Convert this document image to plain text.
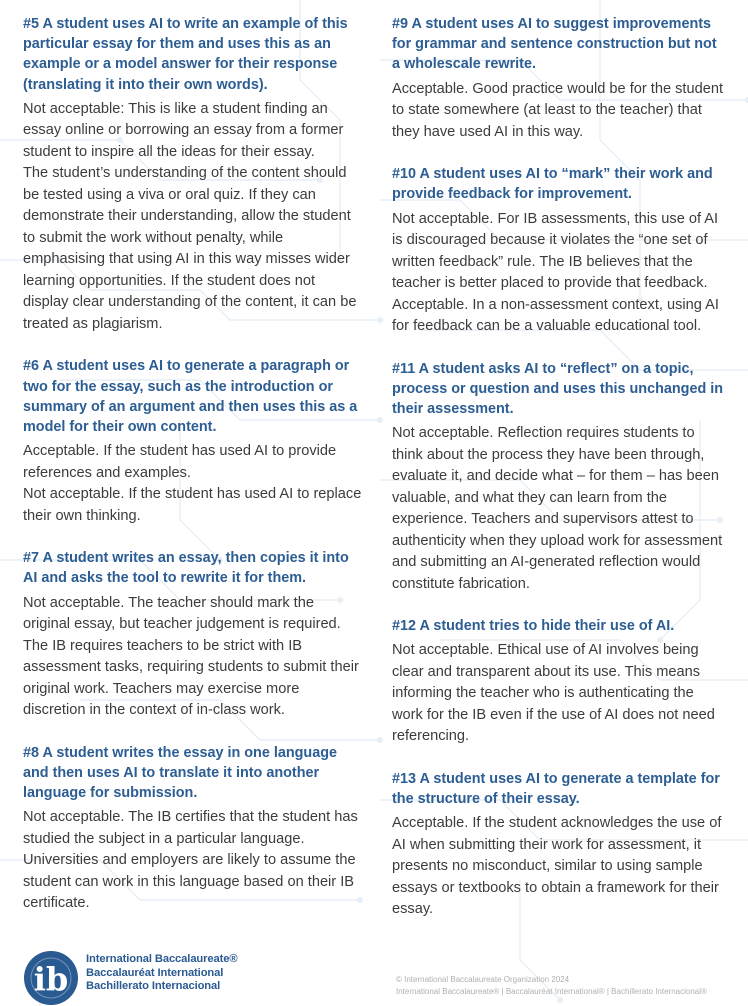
#5 A student uses AI to write an example of this particular essay for them and uses this as an example or a model answer for their response (translating it into their own words).

Not acceptable: This is like a student finding an essay online or borrowing an essay from a former student to inspire all the ideas for their essay.

The student’s understanding of the content should be tested using a viva or oral quiz. If they can demonstrate their understanding, allow the student to submit the work without penalty, while emphasising that using AI in this way misses wider learning opportunities. If the student does not display clear understanding of the content, it can be treated as plagiarism.

#6 A student uses AI to generate a paragraph or two for the essay, such as the introduction or summary of an argument and then uses this as a model for their own content.

Acceptable. If the student has used AI to provide references and examples.

Not acceptable. If the student has used AI to replace their own thinking.

#7 A student writes an essay, then copies it into AI and asks the tool to rewrite it for them.

Not acceptable. The teacher should mark the original essay, but teacher judgement is required. The IB requires teachers to be strict with IB assessment tasks, requiring students to submit their original work. Teachers may exercise more discretion in the context of in-class work.

#8 A student writes the essay in one language and then uses AI to translate it into another language for submission.

Not acceptable. The IB certifies that the student has studied the subject in a particular language. Universities and employers are likely to assume the student can work in this language based on their IB certificate.

#9 A student uses AI to suggest improvements for grammar and sentence construction but not a wholescale rewrite.

Acceptable. Good practice would be for the student to state somewhere (at least to the teacher) that they have used AI in this way.

#10 A student uses AI to “mark” their work and provide feedback for improvement.

Not acceptable. For IB assessments, this use of AI is discouraged because it violates the “one set of written feedback” rule. The IB believes that the teacher is better placed to provide that feedback.

Acceptable. In a non-assessment context, using AI for feedback can be a valuable educational tool.

#11 A student asks AI to “reflect” on a topic, process or question and uses this unchanged in their assessment.

Not acceptable. Reflection requires students to think about the process they have been through, evaluate it, and decide what – for them – has been valuable, and what they can learn from the experience. Teachers and supervisors attest to authenticity when they upload work for assessment and submitting an AI-generated reflection would constitute fabrication.

#12 A student tries to hide their use of AI.

Not acceptable. Ethical use of AI involves being clear and transparent about its use. This means informing the teacher who is authenticating the work for the IB even if the use of AI does not need referencing.

#13 A student uses AI to generate a template for the structure of their essay.

Acceptable. If the student acknowledges the use of AI when submitting their work for assessment, it presents no misconduct, similar to using sample essays or textbooks to obtain a framework for their essay.

ib
International Baccalaureate®
Baccalauréat International
Bachillerato Internacional
© International Baccalaureate Organization 2024
International Baccalaureate® | Baccalauréat International® | Bachillerato Internacional®
